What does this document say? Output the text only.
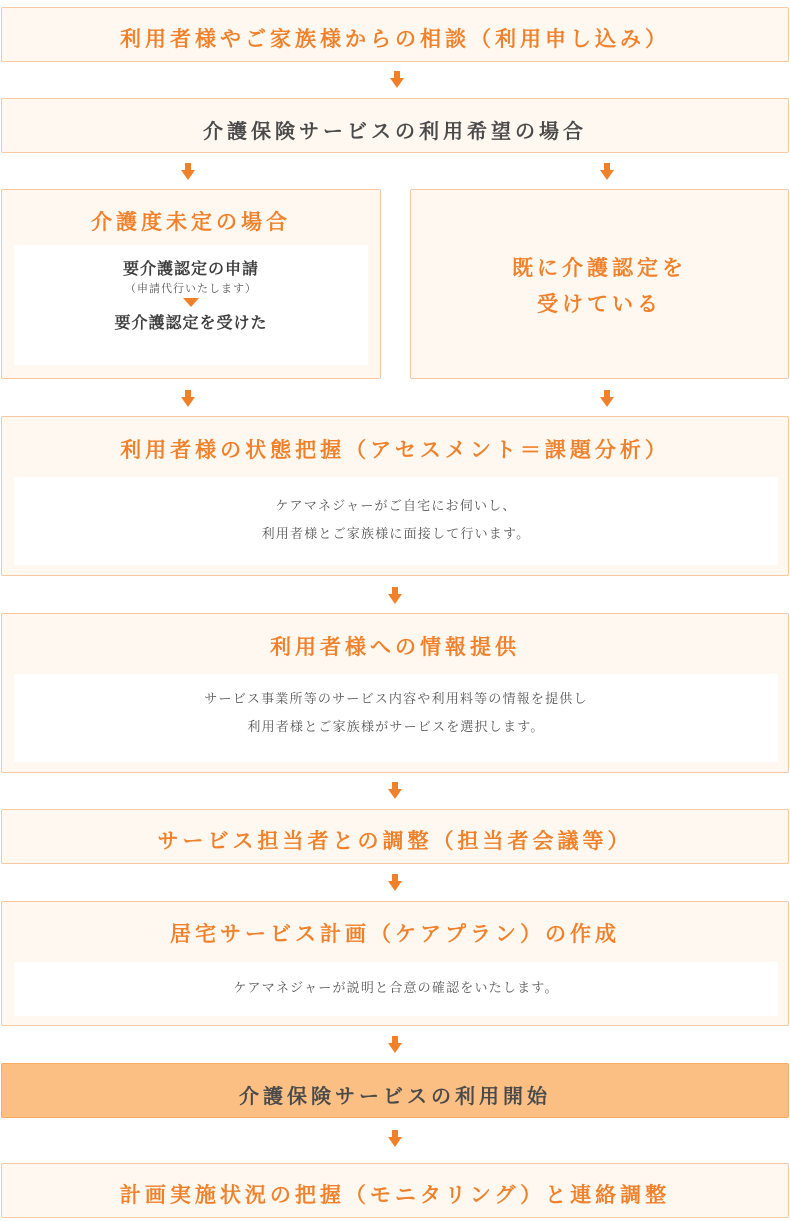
利用者様やご家族様からの相談（利用申し込み）
介護保険サービスの利用希望の場合
介護度未定の場合
要介護認定の申請
（申請代行いたします）
要介護認定を受けた
既に介護認定を
受けている
利用者様の状態把握（アセスメント＝課題分析）
ケアマネジャーがご自宅にお伺いし、
利用者様とご家族様に面接して行います。
利用者様への情報提供
サービス事業所等のサービス内容や利用料等の情報を提供し
利用者様とご家族様がサービスを選択します。
サービス担当者との調整（担当者会議等）
居宅サービス計画（ケアプラン）の作成
ケアマネジャーが説明と合意の確認をいたします。
介護保険サービスの利用開始
計画実施状況の把握（モニタリング）と連絡調整
